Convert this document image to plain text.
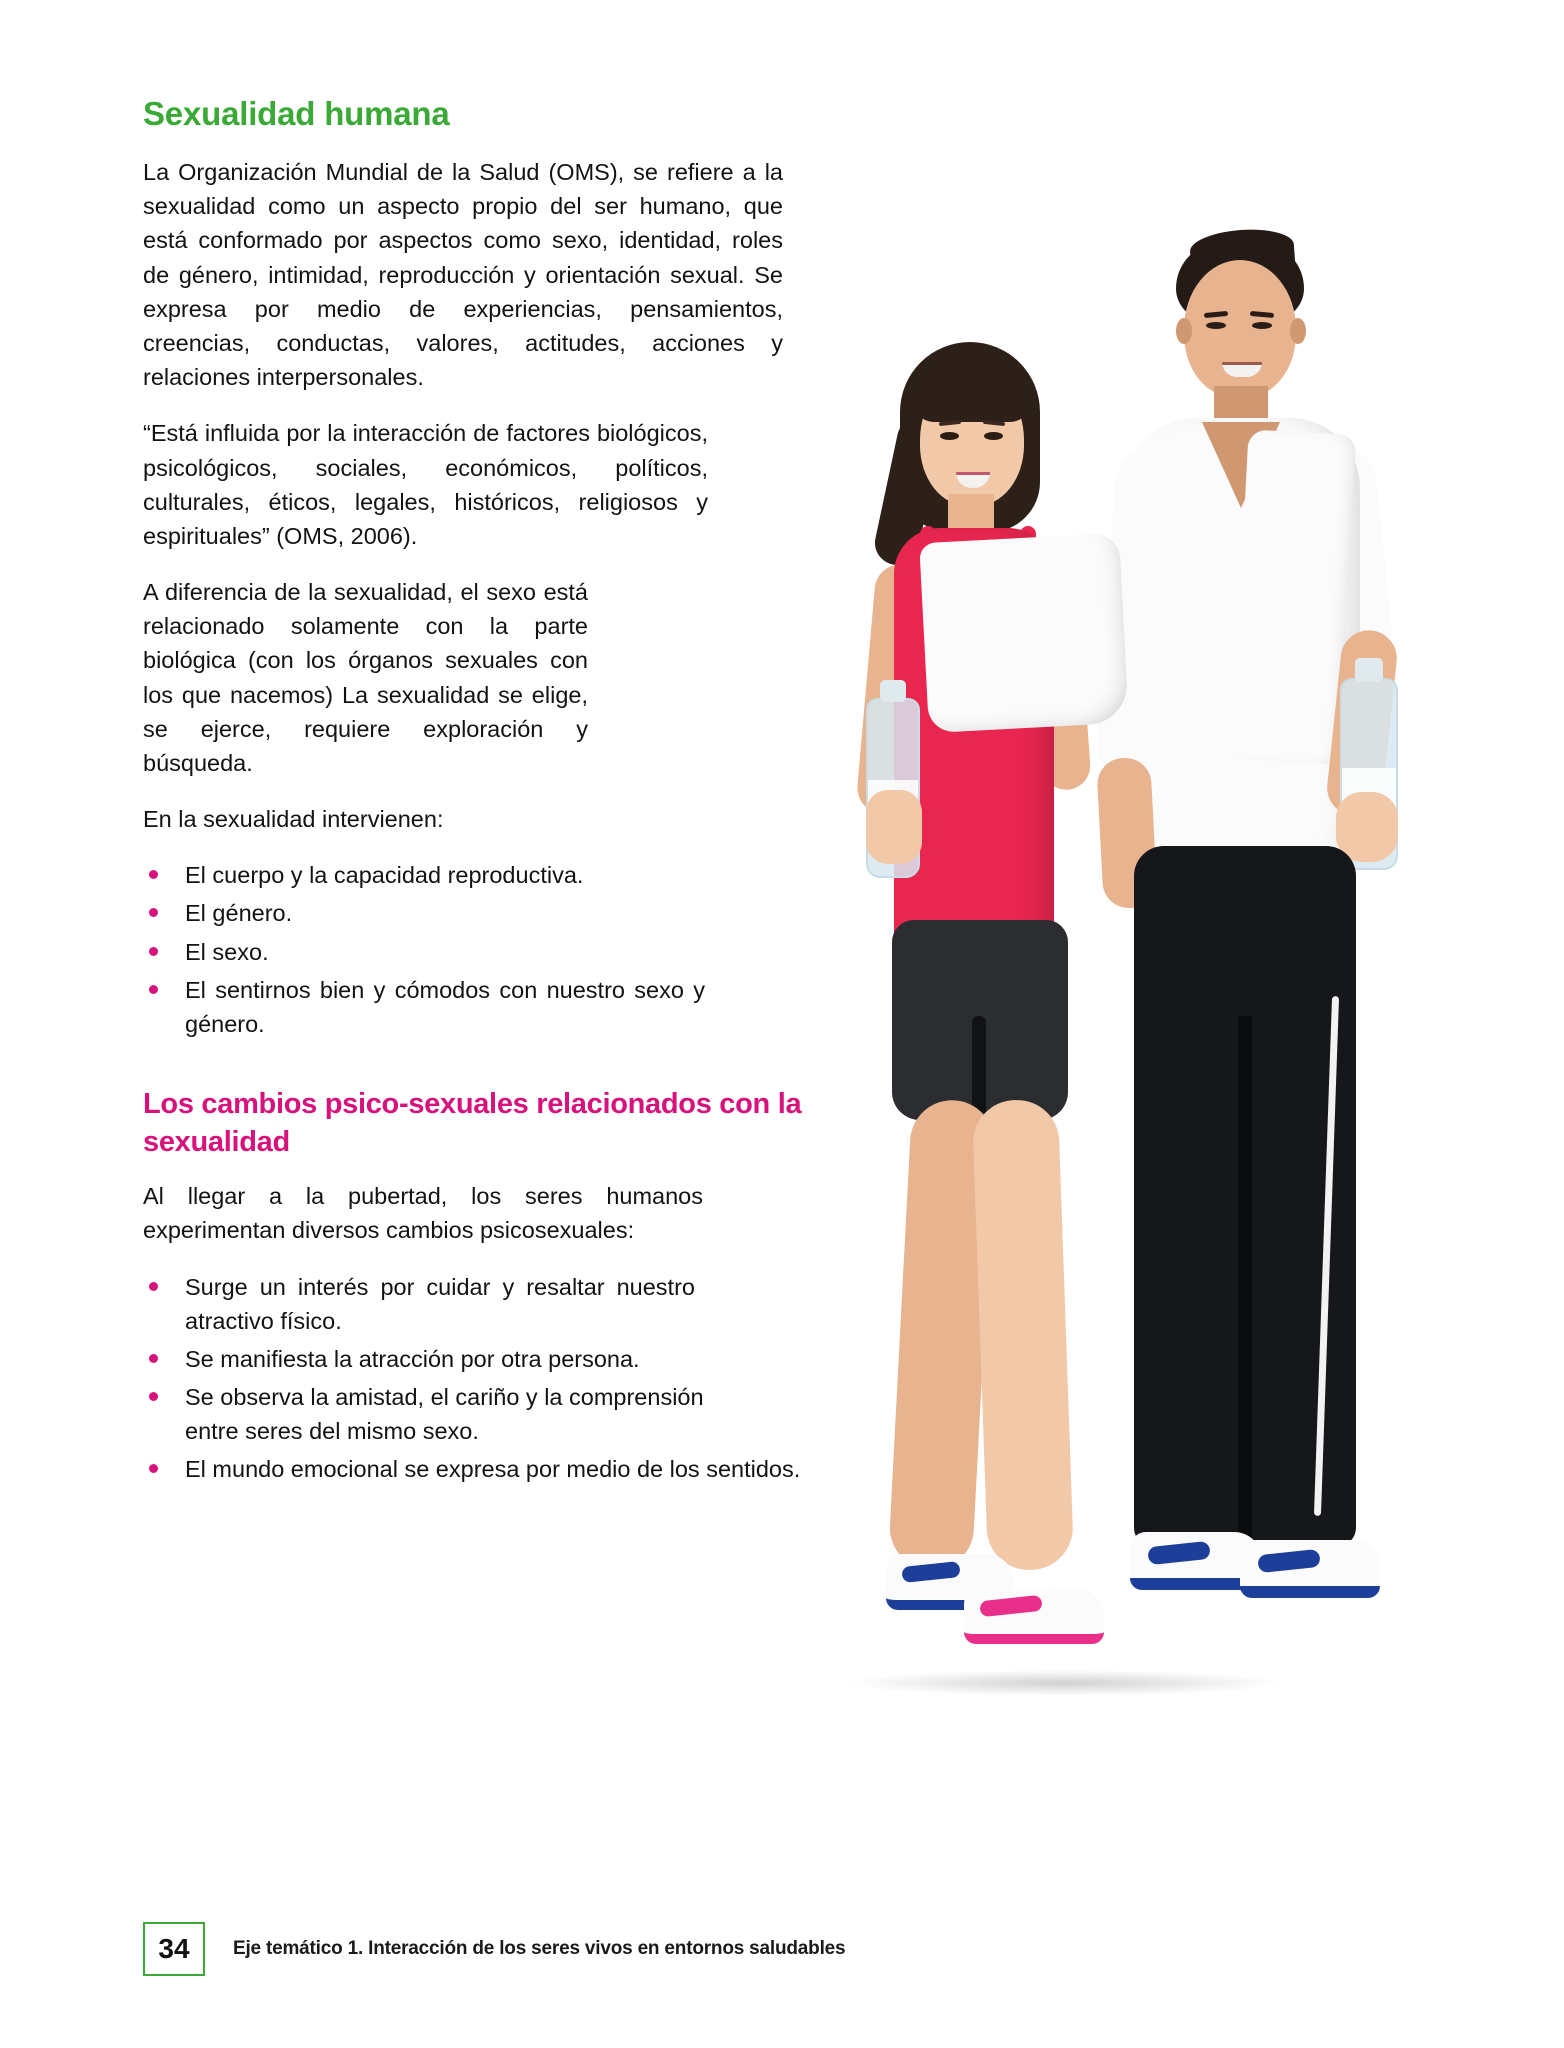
Sexualidad humana

La Organización Mundial de la Salud (OMS), se refiere a la sexualidad como un aspecto propio del ser humano, que está conformado por aspectos como sexo, identidad, roles de género, intimidad, reproducción y orientación sexual. Se expresa por medio de experiencias, pensamientos, creencias, conductas, valores, actitudes, acciones y relaciones interpersonales.

“Está influida por la interacción de factores biológicos, psicológicos, sociales, económicos, políticos, culturales, éticos, legales, históricos, religiosos y espirituales” (OMS, 2006).

A diferencia de la sexualidad, el sexo está relacionado solamente con la parte biológica (con los órganos sexuales con los que nacemos) La sexualidad se elige, se ejerce, requiere exploración y búsqueda.

En la sexualidad intervienen:

El cuerpo y la capacidad reproductiva.
El género.
El sexo.
El sentirnos bien y cómodos con nuestro sexo y género.
Los cambios psico-sexuales relacionados con la sexualidad

Al llegar a la pubertad, los seres humanos experimentan diversos cambios psicosexuales:

Surge un interés por cuidar y resaltar nuestro atractivo físico.
Se manifiesta la atracción por otra persona.
Se observa la amistad, el cariño y la comprensión entre seres del mismo sexo.
El mundo emocional se expresa por medio de los sentidos.
34	Eje temático 1. Interacción de los seres vivos en entornos saludables
